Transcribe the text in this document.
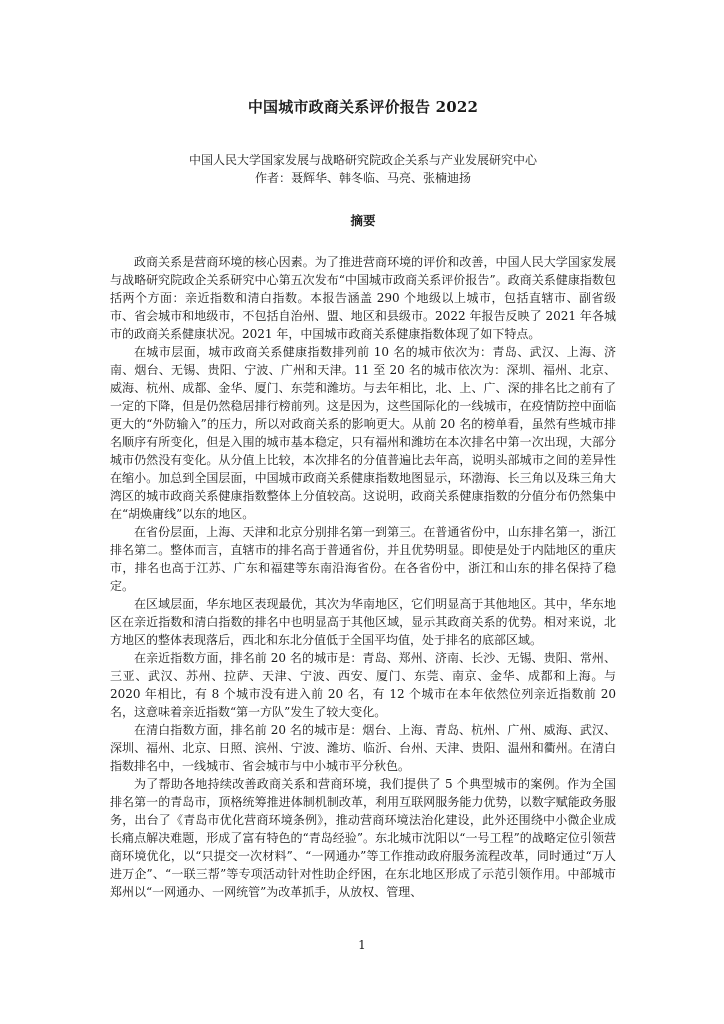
中国城市政商关系评价报告 2022
中国人民大学国家发展与战略研究院政企关系与产业发展研究中心
作者：聂辉华、韩冬临、马亮、张楠迪扬
摘要

政商关系是营商环境的核心因素。为了推进营商环境的评价和改善，中国人民大学国家发展与战略研究院政企关系研究中心第五次发布“中国城市政商关系评价报告”。政商关系健康指数包括两个方面：亲近指数和清白指数。本报告涵盖 290 个地级以上城市，包括直辖市、副省级市、省会城市和地级市，不包括自治州、盟、地区和县级市。2022 年报告反映了 2021 年各城市的政商关系健康状况。2021 年，中国城市政商关系健康指数体现了如下特点。

在城市层面，城市政商关系健康指数排列前 10 名的城市依次为：青岛、武汉、上海、济南、烟台、无锡、贵阳、宁波、广州和天津。11 至 20 名的城市依次为：深圳、福州、北京、威海、杭州、成都、金华、厦门、东莞和潍坊。与去年相比，北、上、广、深的排名比之前有了一定的下降，但是仍然稳居排行榜前列。这是因为，这些国际化的一线城市，在疫情防控中面临更大的“外防输入”的压力，所以对政商关系的影响更大。从前 20 名的榜单看，虽然有些城市排名顺序有所变化，但是入围的城市基本稳定，只有福州和潍坊在本次排名中第一次出现，大部分城市仍然没有变化。从分值上比较，本次排名的分值普遍比去年高，说明头部城市之间的差异性在缩小。加总到全国层面，中国城市政商关系健康指数地图显示，环渤海、长三角以及珠三角大湾区的城市政商关系健康指数整体上分值较高。这说明，政商关系健康指数的分值分布仍然集中在“胡焕庸线”以东的地区。

在省份层面，上海、天津和北京分别排名第一到第三。在普通省份中，山东排名第一，浙江排名第二。整体而言，直辖市的排名高于普通省份，并且优势明显。即使是处于内陆地区的重庆市，排名也高于江苏、广东和福建等东南沿海省份。在各省份中，浙江和山东的排名保持了稳定。

在区域层面，华东地区表现最优，其次为华南地区，它们明显高于其他地区。其中，华东地区在亲近指数和清白指数的排名中也明显高于其他区域，显示其政商关系的优势。相对来说，北方地区的整体表现落后，西北和东北分值低于全国平均值，处于排名的底部区域。

在亲近指数方面，排名前 20 名的城市是：青岛、郑州、济南、长沙、无锡、贵阳、常州、三亚、武汉、苏州、拉萨、天津、宁波、西安、厦门、东莞、南京、金华、成都和上海。与 2020 年相比，有 8 个城市没有进入前 20 名，有 12 个城市在本年依然位列亲近指数前 20 名，这意味着亲近指数“第一方队”发生了较大变化。

在清白指数方面，排名前 20 名的城市是：烟台、上海、青岛、杭州、广州、威海、武汉、深圳、福州、北京、日照、滨州、宁波、潍坊、临沂、台州、天津、贵阳、温州和衢州。在清白指数排名中，一线城市、省会城市与中小城市平分秋色。

为了帮助各地持续改善政商关系和营商环境，我们提供了 5 个典型城市的案例。作为全国排名第一的青岛市，顶格统筹推进体制机制改革，利用互联网服务能力优势，以数字赋能政务服务，出台了《青岛市优化营商环境条例》，推动营商环境法治化建设，此外还围绕中小微企业成长痛点解决难题，形成了富有特色的“青岛经验”。东北城市沈阳以“一号工程”的战略定位引领营商环境优化，以“只提交一次材料”、“一网通办”等工作推动政府服务流程改革，同时通过“万人进万企”、“一联三帮”等专项活动针对性助企纾困，在东北地区形成了示范引领作用。中部城市郑州以“一网通办、一网统管”为改革抓手，从放权、管理、

1
